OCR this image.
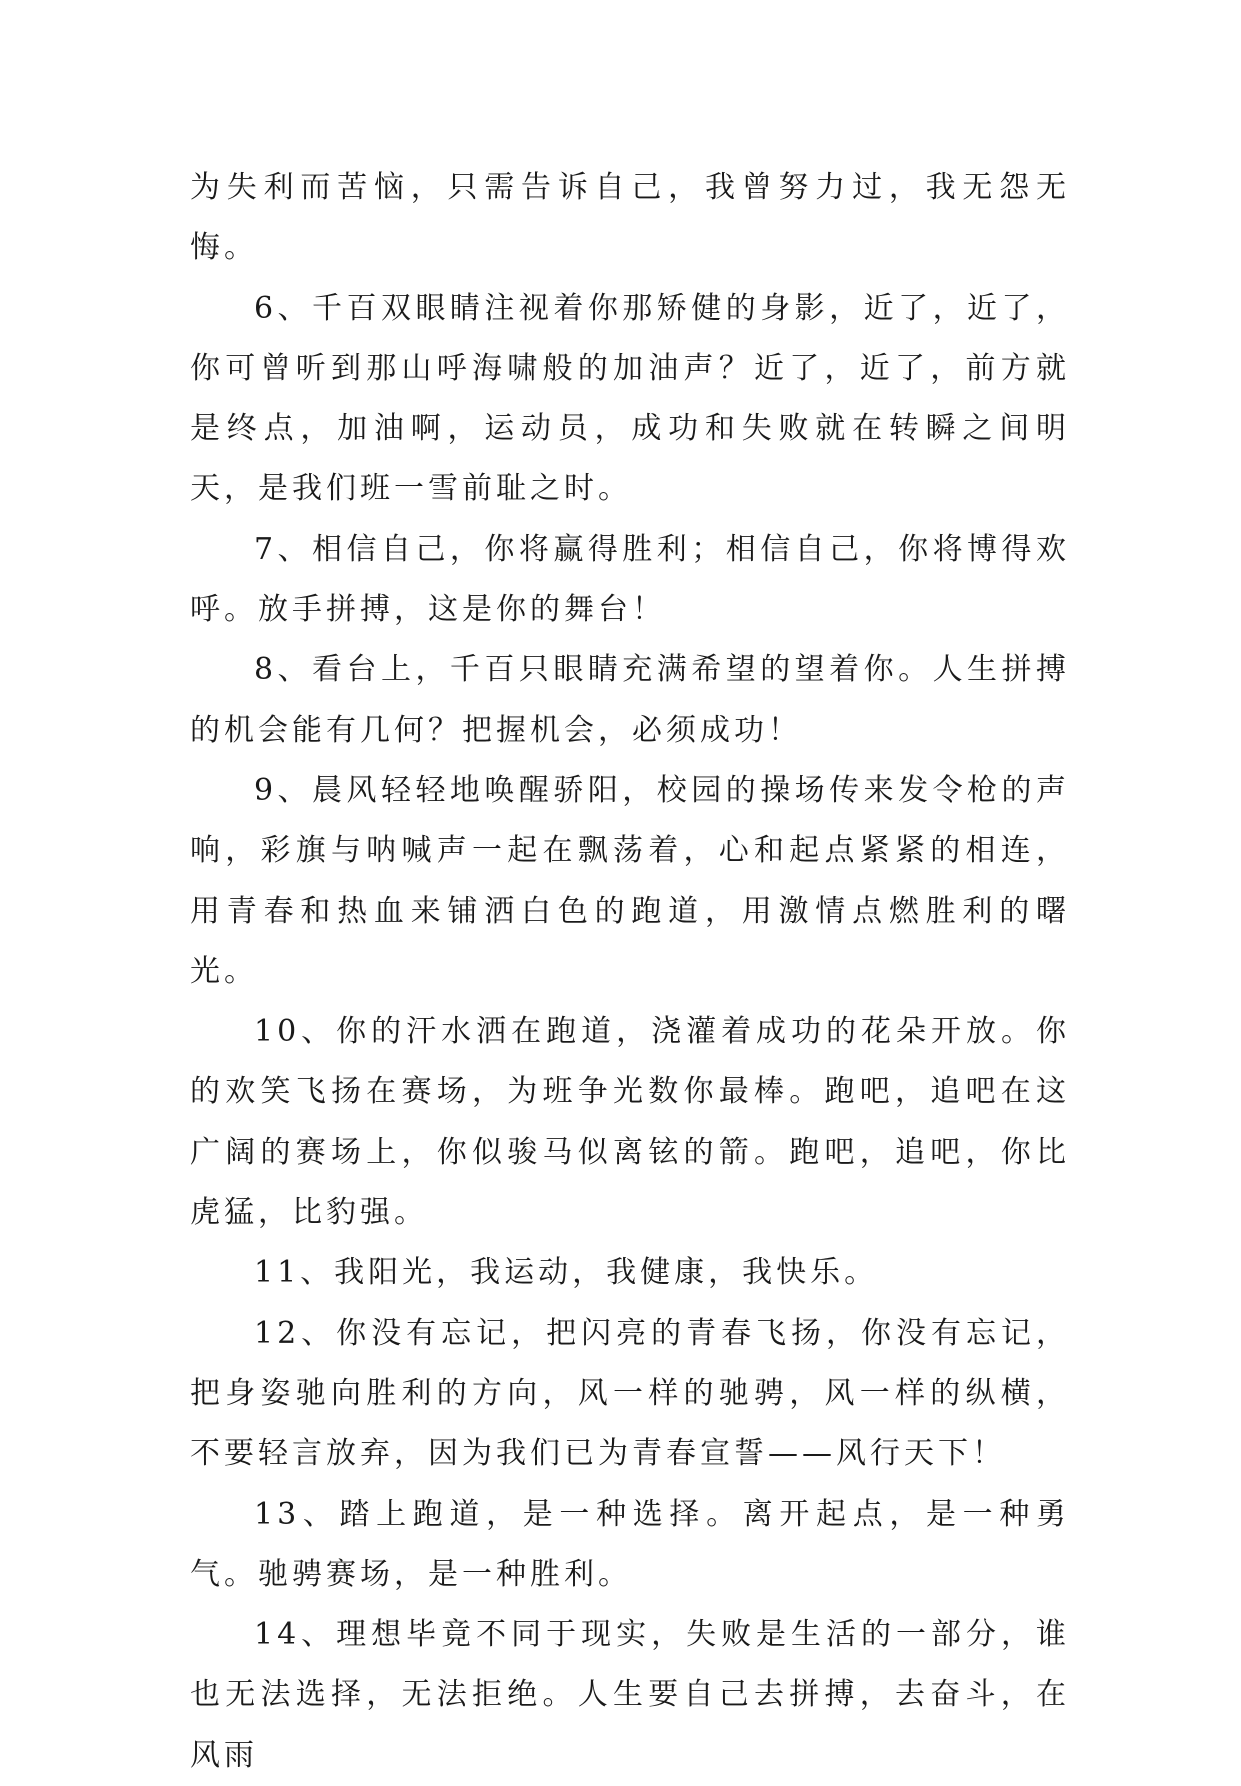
为失利而苦恼，只需告诉自己，我曾努力过，我无怨无悔。

6、千百双眼睛注视着你那矫健的身影，近了，近了，你可曾听到那山呼海啸般的加油声？近了，近了，前方就是终点，加油啊，运动员，成功和失败就在转瞬之间明天，是我们班一雪前耻之时。

7、相信自己，你将赢得胜利；相信自己，你将博得欢呼。放手拼搏，这是你的舞台！

8、看台上，千百只眼睛充满希望的望着你。人生拼搏的机会能有几何？把握机会，必须成功！

9、晨风轻轻地唤醒骄阳，校园的操场传来发令枪的声响，彩旗与呐喊声一起在飘荡着，心和起点紧紧的相连，用青春和热血来铺洒白色的跑道，用激情点燃胜利的曙光。

10、你的汗水洒在跑道，浇灌着成功的花朵开放。你的欢笑飞扬在赛场，为班争光数你最棒。跑吧，追吧在这广阔的赛场上，你似骏马似离铉的箭。跑吧，追吧，你比虎猛，比豹强。

11、我阳光，我运动，我健康，我快乐。

12、你没有忘记，把闪亮的青春飞扬，你没有忘记，把身姿驰向胜利的方向，风一样的驰骋，风一样的纵横，不要轻言放弃，因为我们已为青春宣誓——风行天下！

13、踏上跑道，是一种选择。离开起点，是一种勇气。驰骋赛场，是一种胜利。

14、理想毕竟不同于现实，失败是生活的一部分，谁也无法选择，无法拒绝。人生要自己去拼搏，去奋斗，在风雨
